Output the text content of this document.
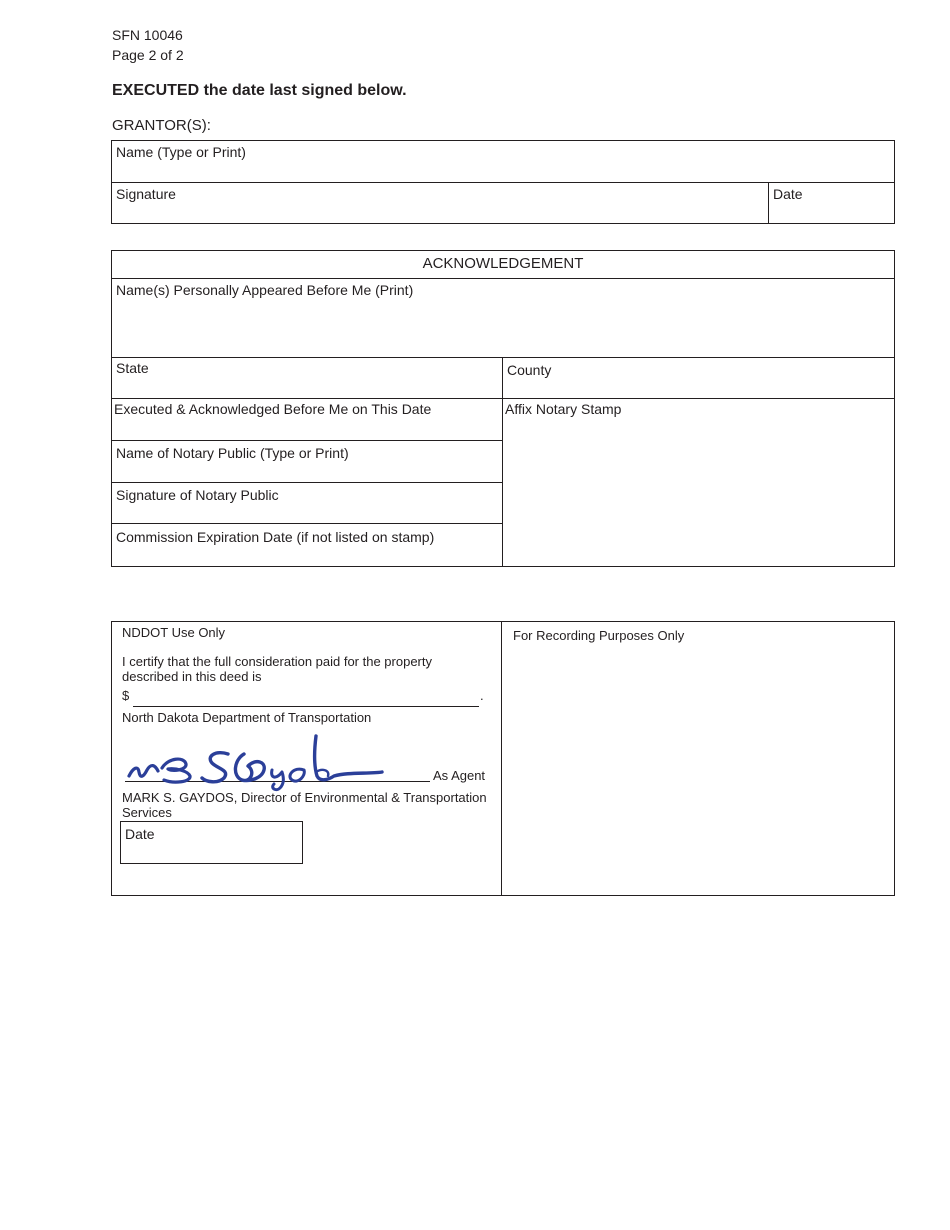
SFN 10046
Page 2 of 2
EXECUTED the date last signed below.
GRANTOR(S):
Name (Type or Print)
Signature	Date
ACKNOWLEDGEMENT
Name(s) Personally Appeared Before Me (Print)
State	County
Executed & Acknowledged Before Me on This Date	Affix Notary Stamp
Name of Notary Public (Type or Print)
Signature of Notary Public
Commission Expiration Date (if not listed on stamp)
NDDOT Use Only
I certify that the full consideration paid for the property described in this deed is
$	.
North Dakota Department of Transportation
As Agent
MARK S. GAYDOS, Director of Environmental & Transportation Services
Date
For Recording Purposes Only
